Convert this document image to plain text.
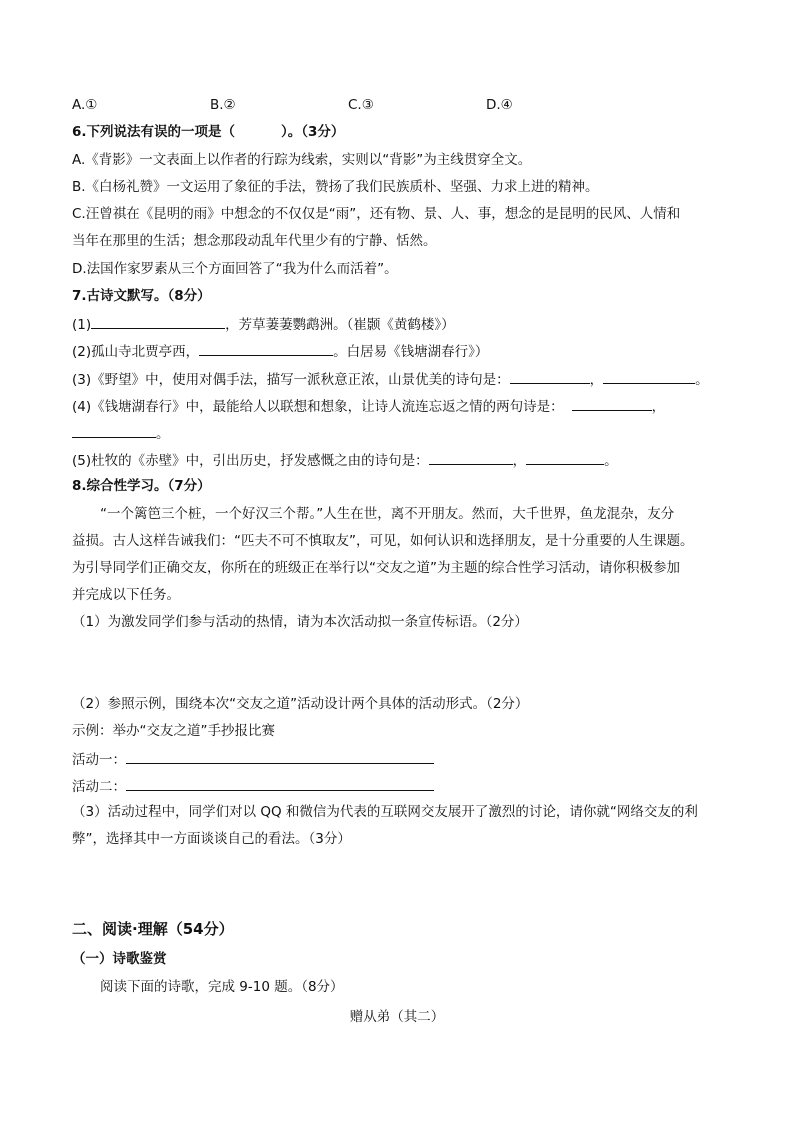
A.①	B.②	C.③	D.④
6.下列说法有误的一项是（	）。（3分）
A.《背影》一文表面上以作者的行踪为线索，实则以“背影”为主线贯穿全文。
B.《白杨礼赞》一文运用了象征的手法，赞扬了我们民族质朴、坚强、力求上进的精神。
C.汪曾祺在《昆明的雨》中想念的不仅仅是“雨”，还有物、景、人、事，想念的是昆明的民风、人情和
当年在那里的生活；想念那段动乱年代里少有的宁静、恬然。
D.法国作家罗素从三个方面回答了“我为什么而活着”。
7.古诗文默写。（8分）
(1)	，芳草萋萋鹦鹉洲。（崔颢《黄鹤楼》）
(2)孤山寺北贾亭西，	。白居易《钱塘湖春行》）
(3)《野望》中，使用对偶手法，描写一派秋意正浓，山景优美的诗句是：	，	。
(4)《钱塘湖春行》中，最能给人以联想和想象，让诗人流连忘返之情的两句诗是：	，
。
(5)杜牧的《赤壁》中，引出历史，抒发感慨之由的诗句是：	，	。
8.综合性学习。（7分）
“一个篱笆三个桩，一个好汉三个帮。”人生在世，离不开朋友。然而，大千世界，鱼龙混杂，友分
益损。古人这样告诫我们：“匹夫不可不慎取友”，可见，如何认识和选择朋友，是十分重要的人生课题。
为引导同学们正确交友，你所在的班级正在举行以“交友之道”为主题的综合性学习活动，请你积极参加
并完成以下任务。
（1）为激发同学们参与活动的热情，请为本次活动拟一条宣传标语。（2分）
（2）参照示例，围绕本次“交友之道”活动设计两个具体的活动形式。（2分）
示例：举办“交友之道”手抄报比赛
活动一：
活动二：
（3）活动过程中，同学们对以 QQ 和微信为代表的互联网交友展开了激烈的讨论，请你就“网络交友的利
弊”，选择其中一方面谈谈自己的看法。（3分）
二、阅读·理解（54分）
（一）诗歌鉴赏
阅读下面的诗歌，完成 9-10 题。（8分）
赠从弟（其二）
